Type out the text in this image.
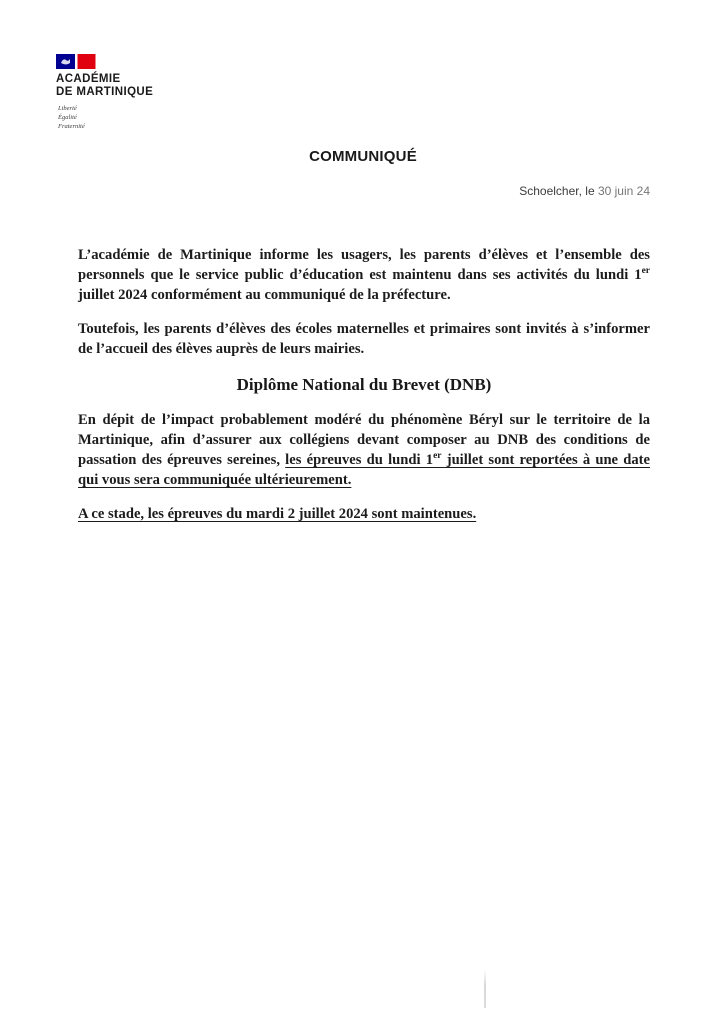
ACADÉMIE
DE MARTINIQUE
Liberté
Égalité
Fraternité
COMMUNIQUÉ
Schoelcher, le 30 juin 24

L’académie de Martinique informe les usagers, les parents d’élèves et l’ensemble des personnels que le service public d’éducation est maintenu dans ses activités du lundi 1er juillet 2024 conformément au communiqué de la préfecture.

Toutefois, les parents d’élèves des écoles maternelles et primaires sont invités à s’informer de l’accueil des élèves auprès de leurs mairies.

Diplôme National du Brevet (DNB)

En dépit de l’impact probablement modéré du phénomène Béryl sur le territoire de la Martinique, afin d’assurer aux collégiens devant composer au DNB des conditions de passation des épreuves sereines, les épreuves du lundi 1er juillet sont reportées à une date qui vous sera communiquée ultérieurement.

A ce stade, les épreuves du mardi 2 juillet 2024 sont maintenues.
